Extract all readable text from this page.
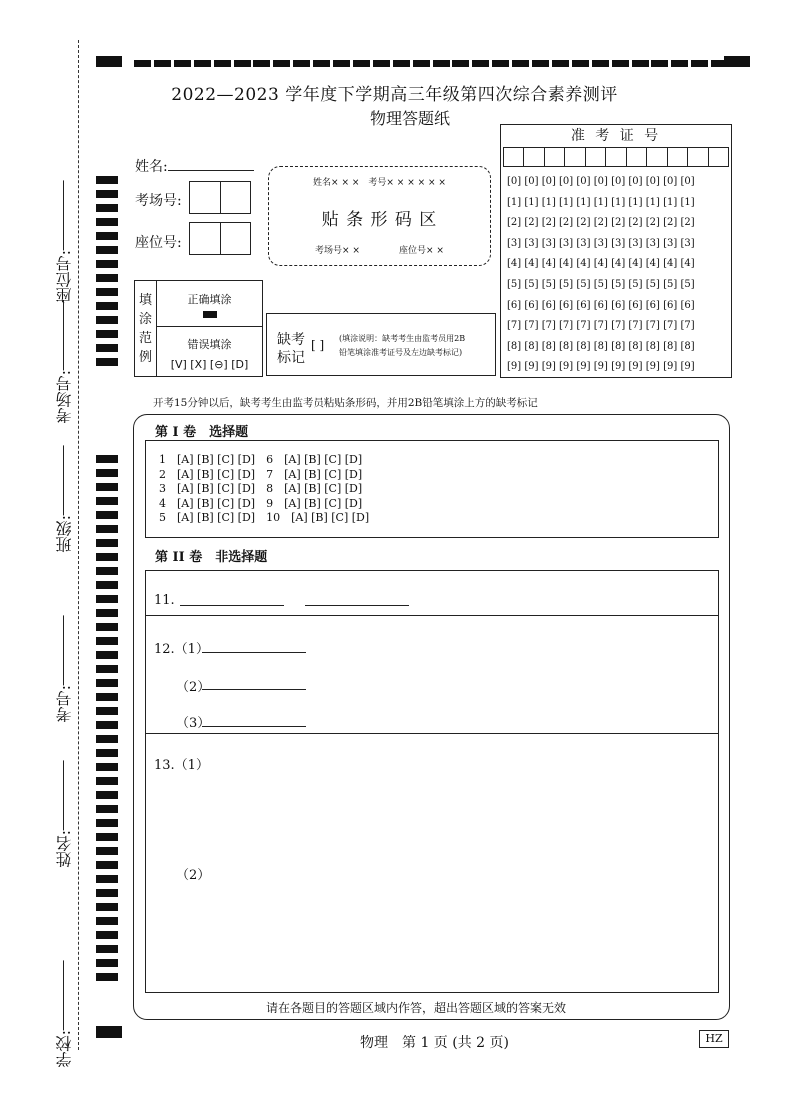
座位号:
考场号:
班级:
考号:
姓名:
学校:
2022—2023 学年度下学期高三年级第四次综合素养测评
物理答题纸
姓名:
考场号:
座位号:
姓名× × ×　考号× × × × × ×
贴 条 形 码 区
考场号× ×	座位号× ×
准 考 证 号
[0] [0] [0] [0] [0] [0] [0] [0] [0] [0] [0]
[1] [1] [1] [1] [1] [1] [1] [1] [1] [1] [1]
[2] [2] [2] [2] [2] [2] [2] [2] [2] [2] [2]
[3] [3] [3] [3] [3] [3] [3] [3] [3] [3] [3]
[4] [4] [4] [4] [4] [4] [4] [4] [4] [4] [4]
[5] [5] [5] [5] [5] [5] [5] [5] [5] [5] [5]
[6] [6] [6] [6] [6] [6] [6] [6] [6] [6] [6]
[7] [7] [7] [7] [7] [7] [7] [7] [7] [7] [7]
[8] [8] [8] [8] [8] [8] [8] [8] [8] [8] [8]
[9] [9] [9] [9] [9] [9] [9] [9] [9] [9] [9]
填
涂
范
例
正确填涂
错误填涂
[V] [X] [⊖] [D]
缺考
标记
[ ] (填涂说明：缺考考生由监考员用2B
铅笔填涂准考证号及左边缺考标记)
开考15分钟以后，缺考考生由监考员粘贴条形码，并用2B铅笔填涂上方的缺考标记
第 I 卷　选择题
1　[A] [B] [C] [D]　6　[A] [B] [C] [D]
2　[A] [B] [C] [D]　7　[A] [B] [C] [D]
3　[A] [B] [C] [D]　8　[A] [B] [C] [D]
4　[A] [B] [C] [D]　9　[A] [B] [C] [D]
5　[A] [B] [C] [D]　10　[A] [B] [C] [D]
第 II 卷　非选择题
11.
12.（1）
（2）
（3）
13.（1）
（2）
请在各题目的答题区域内作答，超出答题区域的答案无效
物理　第 1 页 (共 2 页)	HZ
